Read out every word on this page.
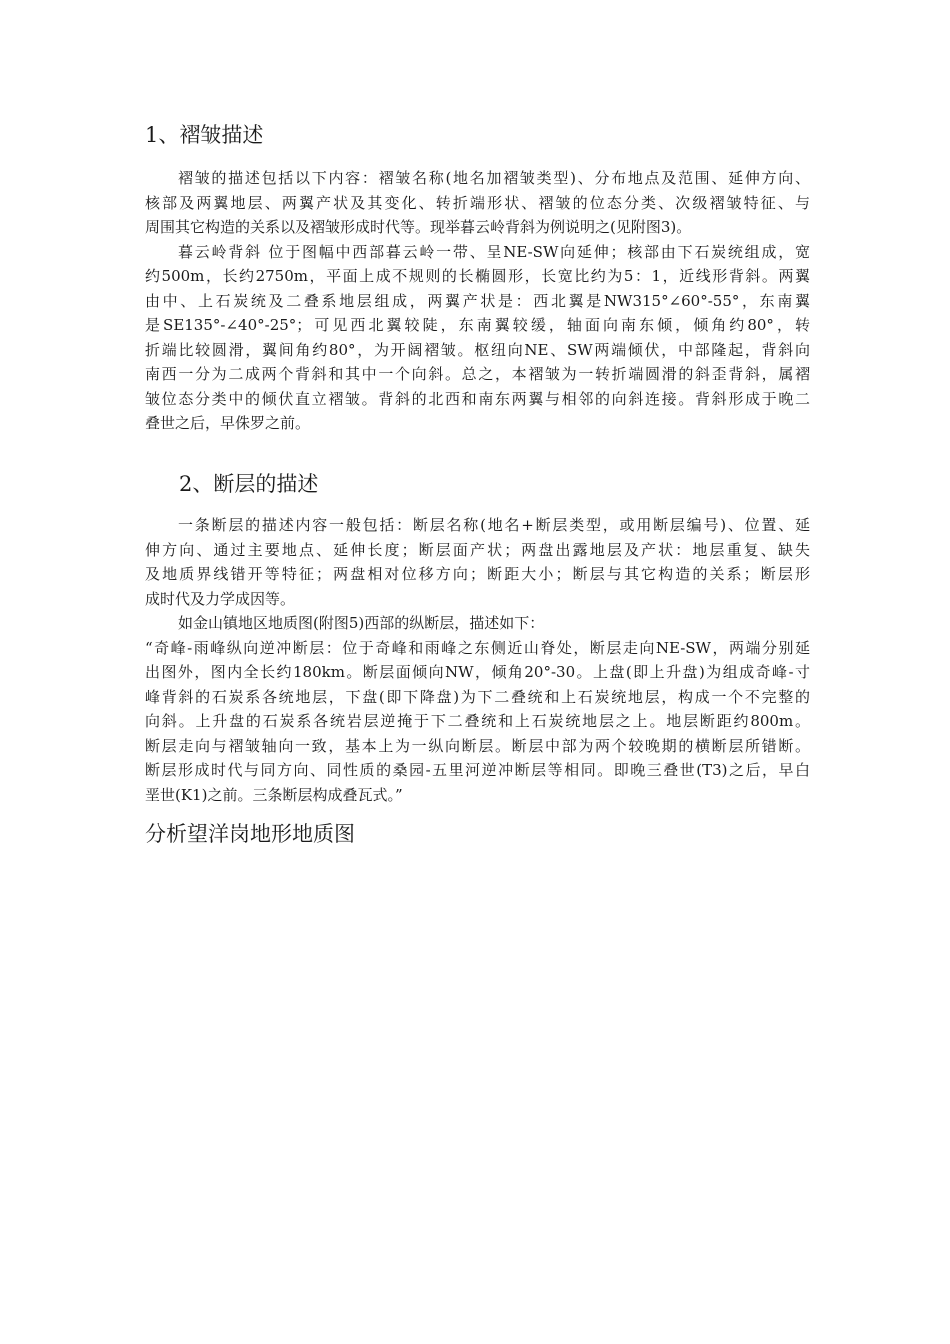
1、褶皱描述
褶皱的描述包括以下内容：褶皱名称(地名加褶皱类型)、分布地点及范围、延伸方向、
核部及两翼地层、两翼产状及其变化、转折端形状、褶皱的位态分类、次级褶皱特征、与
周围其它构造的关系以及褶皱形成时代等。现举暮云岭背斜为例说明之(见附图3)。
暮云岭背斜 位于图幅中西部暮云岭一带、呈NE-SW向延伸；核部由下石炭统组成，宽
约500m，长约2750m，平面上成不规则的长椭圆形，长宽比约为5：1，近线形背斜。两翼
由中、上石炭统及二叠系地层组成，两翼产状是：西北翼是NW315°∠60°-55°，东南翼
是SE135°-∠40°-25°；可见西北翼较陡，东南翼较缓，轴面向南东倾，倾角约80°，转
折端比较圆滑，翼间角约80°，为开阔褶皱。枢纽向NE、SW两端倾伏，中部隆起，背斜向
南西一分为二成两个背斜和其中一个向斜。总之，本褶皱为一转折端圆滑的斜歪背斜，属褶
皱位态分类中的倾伏直立褶皱。背斜的北西和南东两翼与相邻的向斜连接。背斜形成于晚二
叠世之后，早侏罗之前。
2、断层的描述
一条断层的描述内容一般包括：断层名称(地名+断层类型，或用断层编号)、位置、延
伸方向、通过主要地点、延伸长度；断层面产状；两盘出露地层及产状：地层重复、缺失
及地质界线错开等特征；两盘相对位移方向；断距大小；断层与其它构造的关系；断层形
成时代及力学成因等。
如金山镇地区地质图(附图5)西部的纵断层，描述如下：
“奇峰-雨峰纵向逆冲断层：位于奇峰和雨峰之东侧近山脊处，断层走向NE-SW，两端分别延
出图外，图内全长约180km。断层面倾向NW，倾角20°-30。上盘(即上升盘)为组成奇峰-寸
峰背斜的石炭系各统地层，下盘(即下降盘)为下二叠统和上石炭统地层，构成一个不完整的
向斜。上升盘的石炭系各统岩层逆掩于下二叠统和上石炭统地层之上。地层断距约800m。
断层走向与褶皱轴向一致，基本上为一纵向断层。断层中部为两个较晚期的横断层所错断。
断层形成时代与同方向、同性质的桑园-五里河逆冲断层等相同。即晚三叠世(T3)之后，早白
垩世(K1)之前。三条断层构成叠瓦式。”
分析望洋岗地形地质图
